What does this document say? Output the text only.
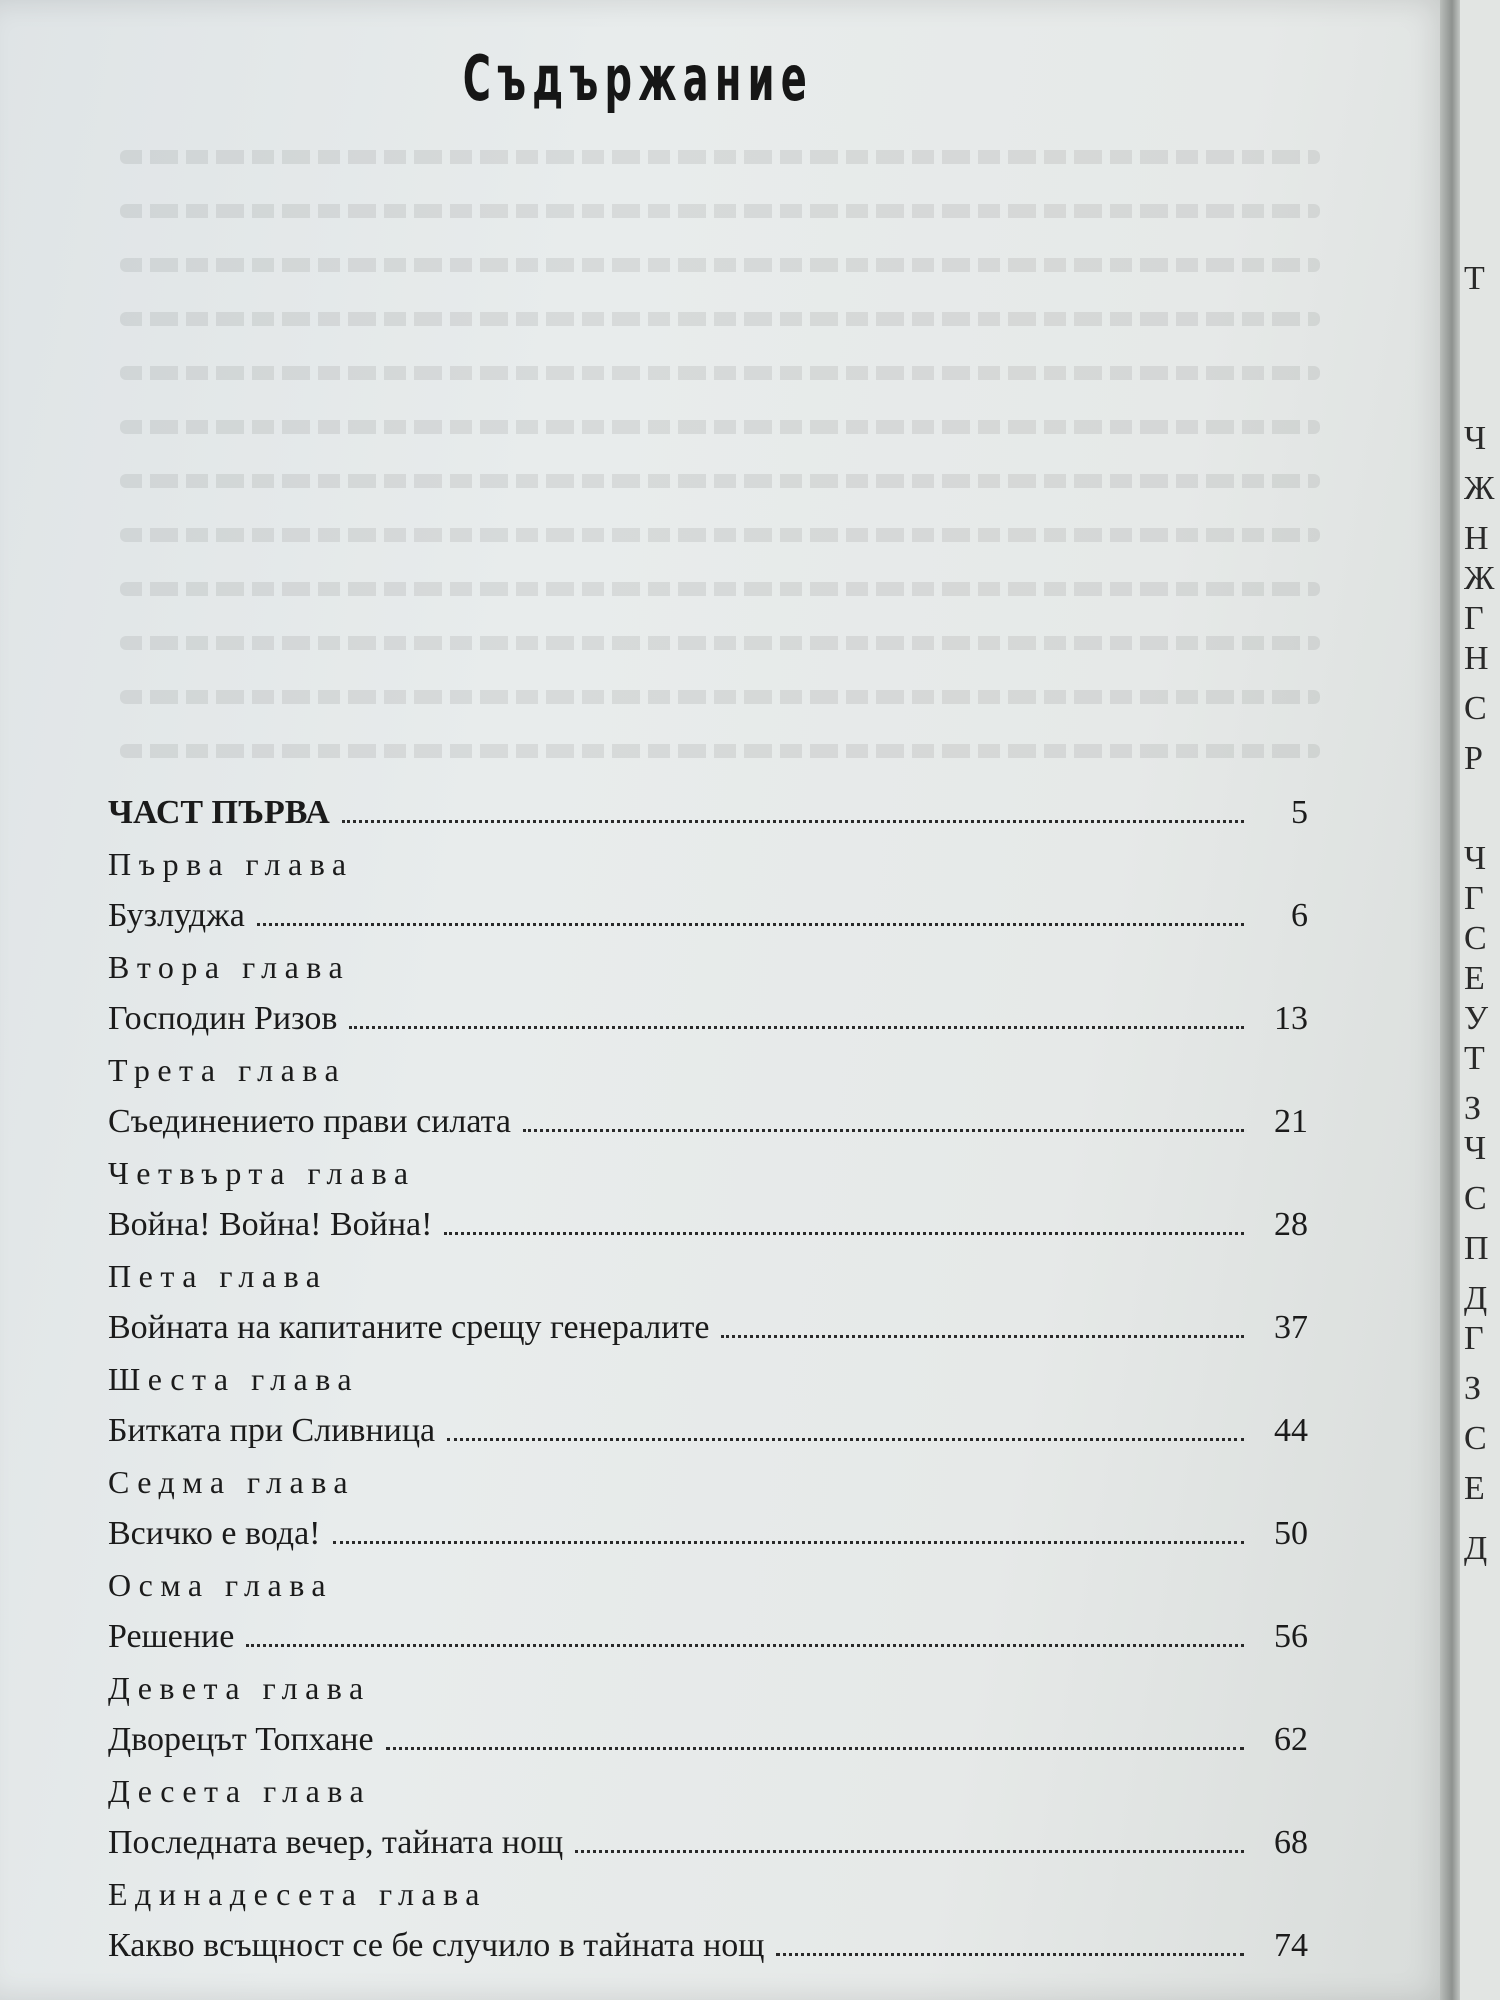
Съдържание
ЧАСТ ПЪРВА	5
Първа глава
Бузлуджа	6
Втора глава
Господин Ризов	13
Трета глава
Съединението прави силата	21
Четвърта глава
Война! Война! Война!	28
Пета глава
Войната на капитаните срещу генералите	37
Шеста глава
Битката при Сливница	44
Седма глава
Всичко е вода!	50
Осма глава
Решение	56
Девета глава
Дворецът Топхане	62
Десета глава
Последната вечер, тайната нощ	68
Единадесета глава
Какво всъщност се бе случило в тайната нощ	74
Т
Ч
Ж
Н
Ж
Г
Н
С
Р
Ч
Г
С
Е
У
Т
З
Ч
С
П
Д
Г
З
С
Е
Д
